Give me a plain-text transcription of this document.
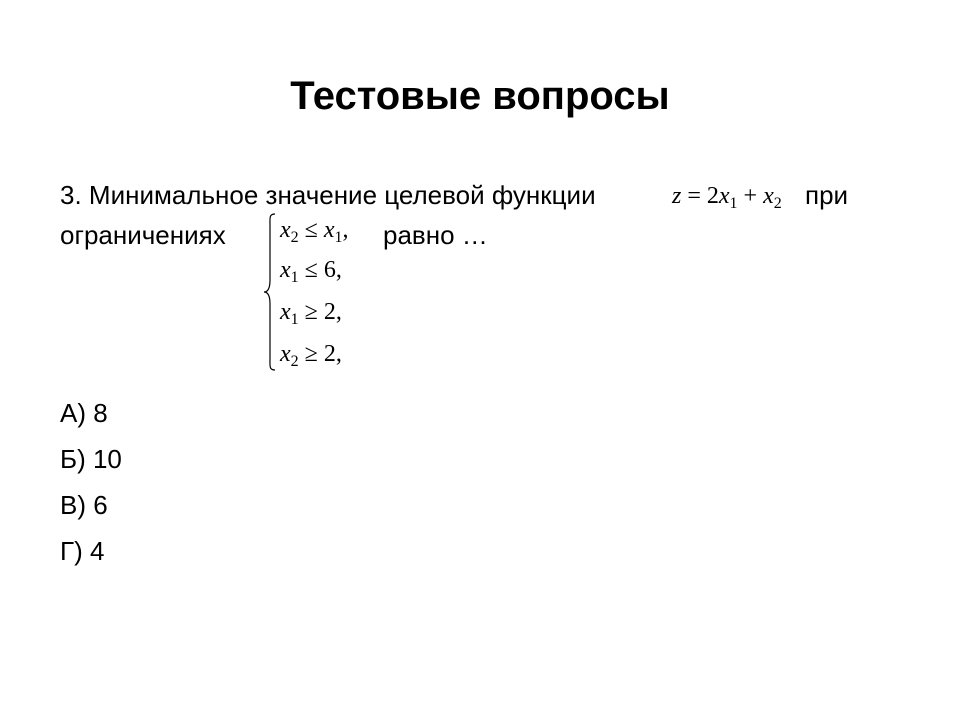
Тестовые вопросы
3. Минимальное значение целевой функции	$z = 2x_1 + x_2$ при
ограничениях	равно …
$x_2 \le x_1$,
$x_1 \le 6$,
$x_1 \ge 2$,
$x_2 \ge 2$,
А) 8
Б) 10
В) 6
Г) 4
